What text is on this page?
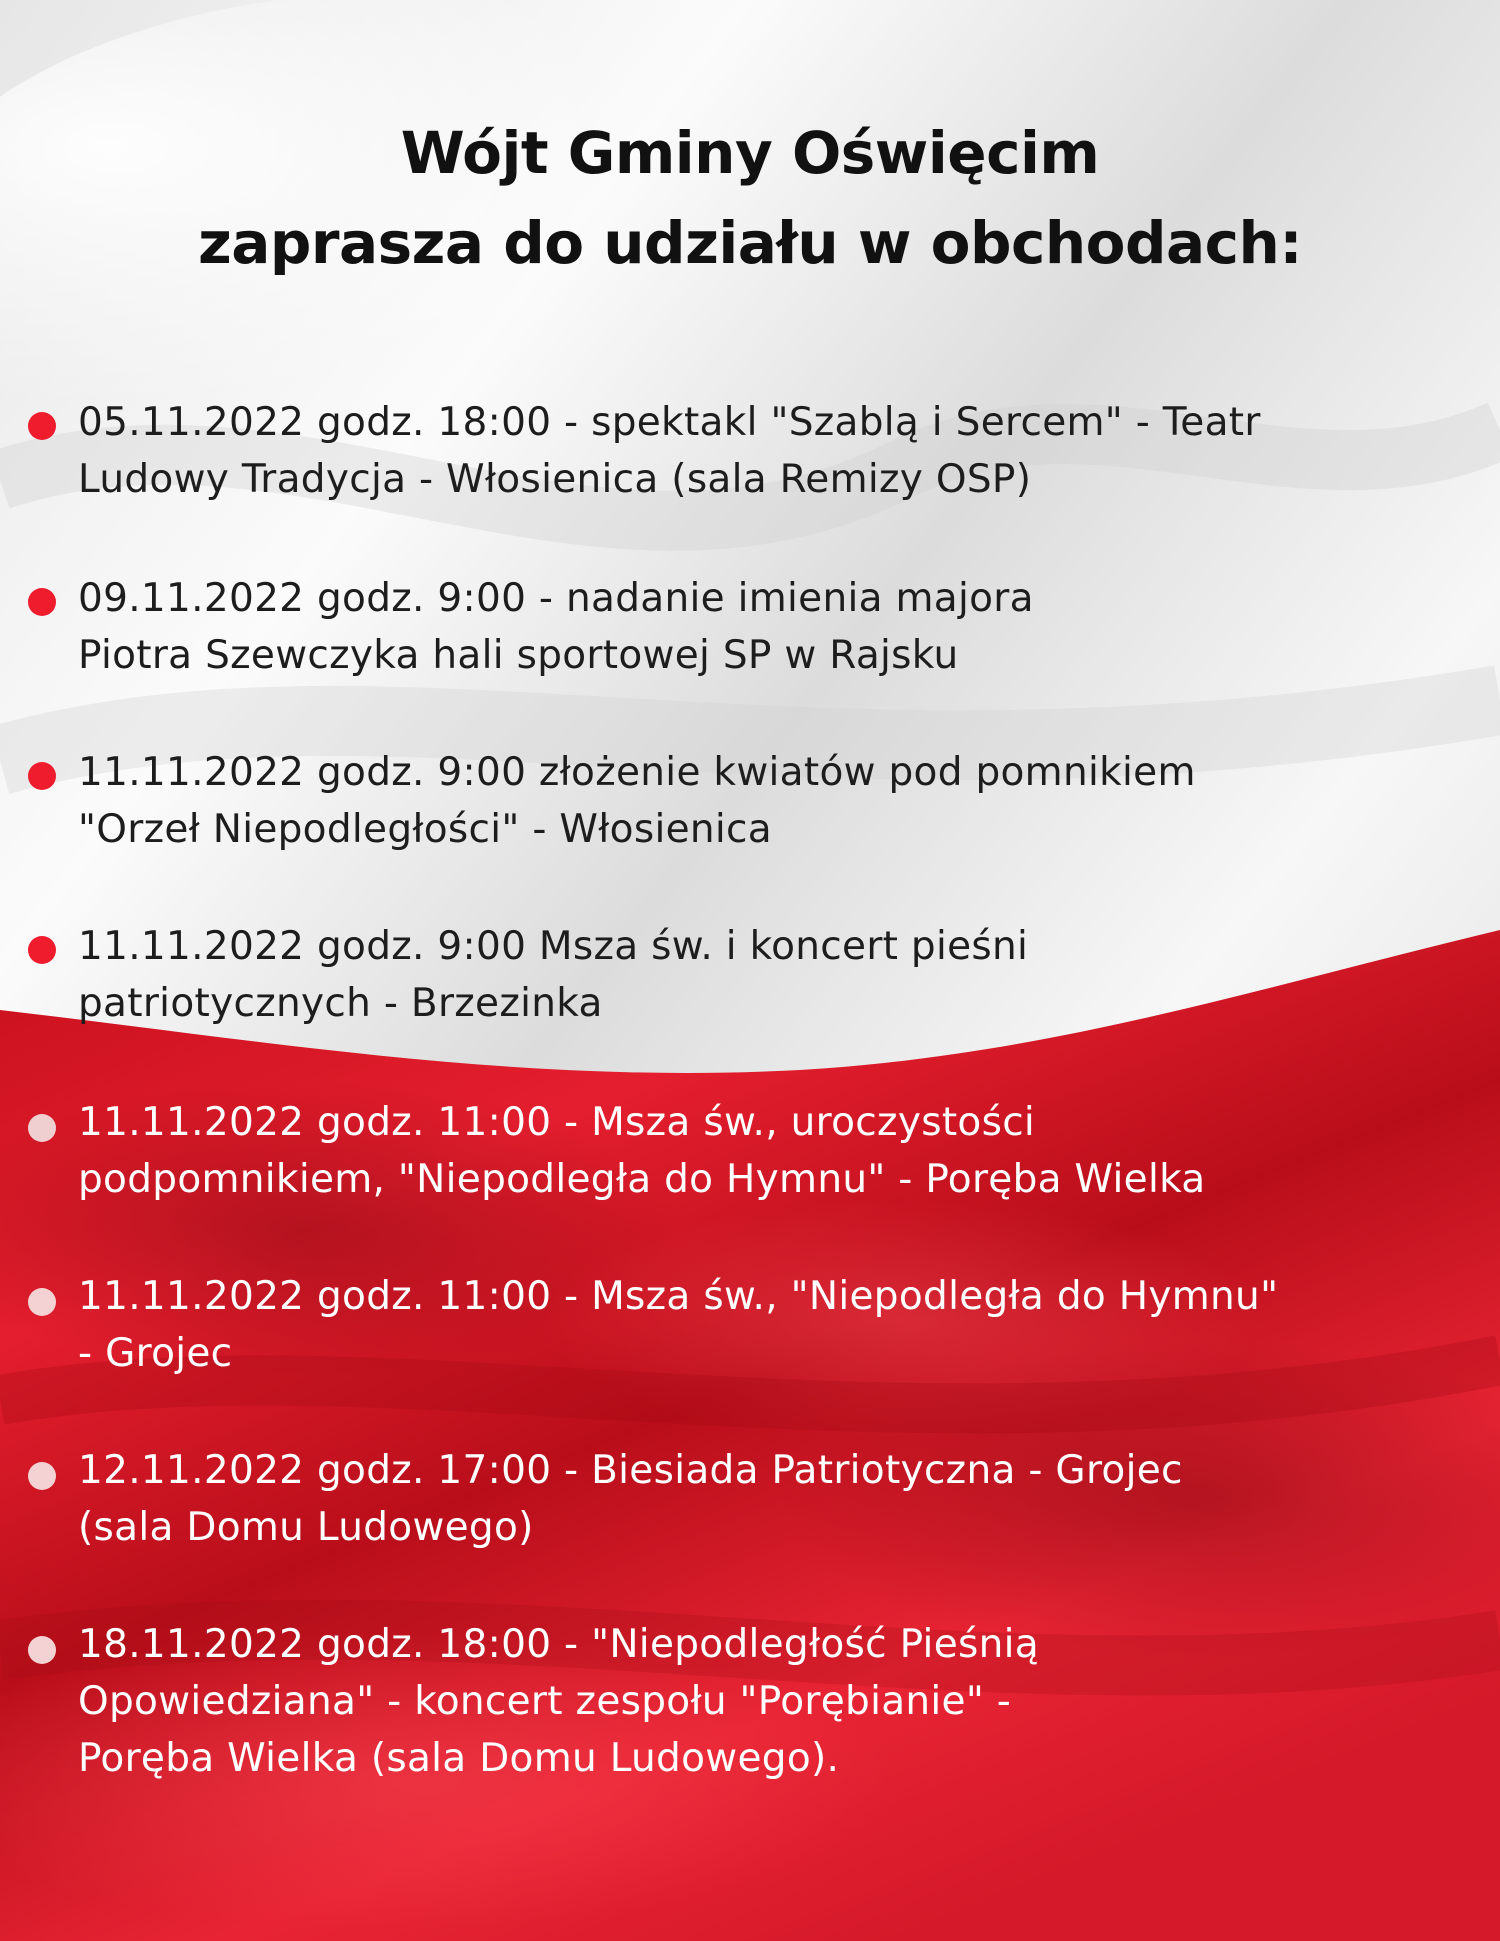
Wójt Gminy Oświęcim
zaprasza do udziału w obchodach:

05.11.2022 godz. 18:00 - spektakl "Szablą i Sercem" - Teatr
Ludowy Tradycja - Włosienica (sala Remizy OSP)

09.11.2022 godz. 9:00 - nadanie imienia majora
Piotra Szewczyka hali sportowej SP w Rajsku

11.11.2022 godz. 9:00 złożenie kwiatów pod pomnikiem
"Orzeł Niepodległości" - Włosienica

11.11.2022 godz. 9:00 Msza św. i koncert pieśni
patriotycznych - Brzezinka

11.11.2022 godz. 11:00 - Msza św., uroczystości
podpomnikiem, "Niepodległa do Hymnu" - Poręba Wielka

11.11.2022 godz. 11:00 - Msza św., "Niepodległa do Hymnu"
- Grojec

12.11.2022 godz. 17:00 - Biesiada Patriotyczna - Grojec
(sala Domu Ludowego)

18.11.2022 godz. 18:00 - "Niepodległość Pieśnią
Opowiedziana" - koncert zespołu "Porębianie" -
Poręba Wielka (sala Domu Ludowego).
